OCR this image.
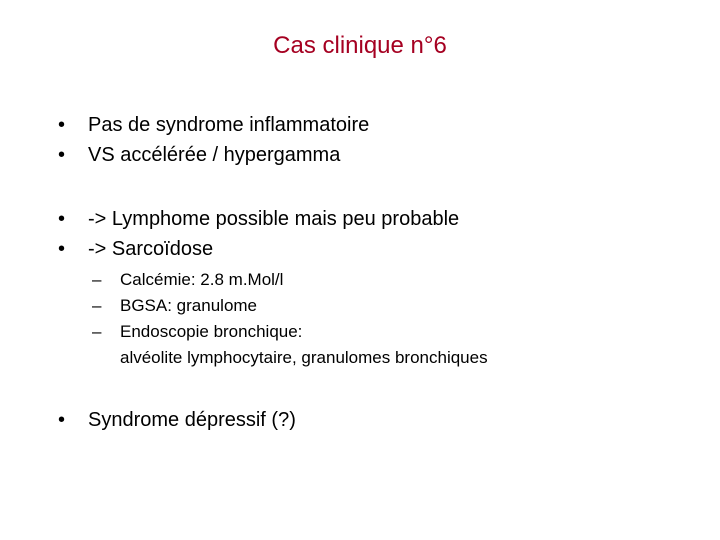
Cas clinique n°6
•	Pas de syndrome inflammatoire
•	VS accélérée / hypergamma
•	-> Lymphome possible mais peu probable
•	-> Sarcoïdose
–	Calcémie: 2.8 m.Mol/l
–	BGSA: granulome
–	Endoscopie bronchique:
alvéolite lymphocytaire, granulomes bronchiques
•	Syndrome dépressif (?)
